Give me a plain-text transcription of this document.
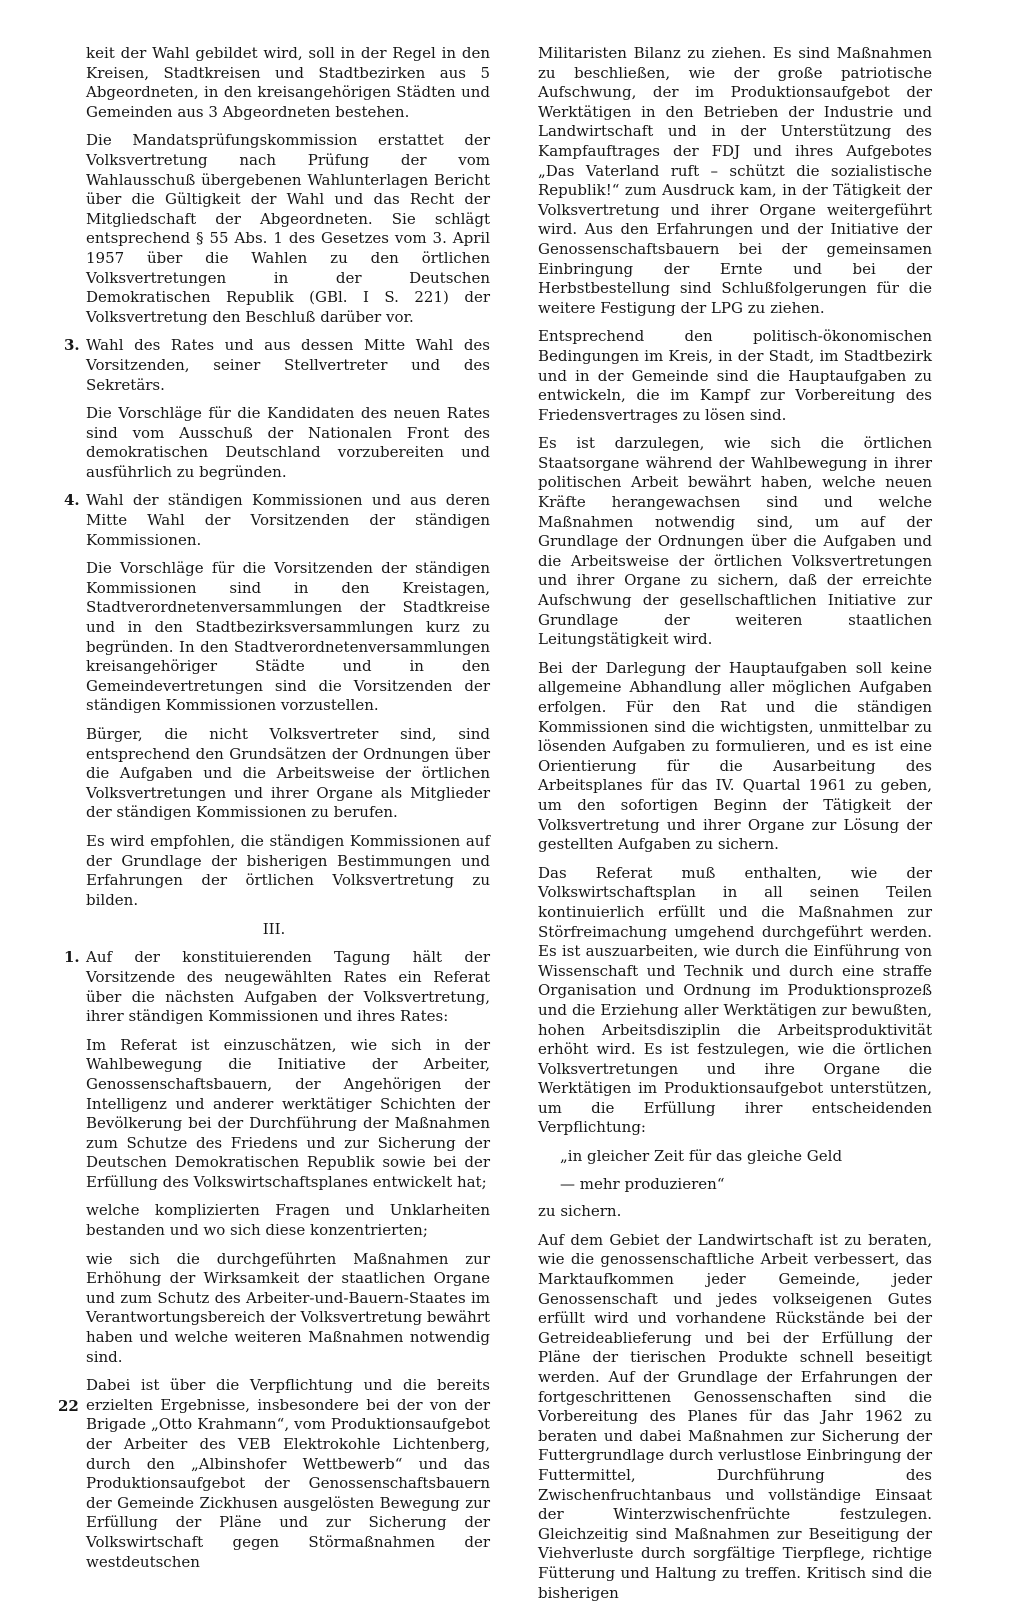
keit der Wahl gebildet wird, soll in der Regel in den Kreisen, Stadtkreisen und Stadtbezirken aus 5 Abgeordneten, in den kreisangehörigen Städten und Gemeinden aus 3 Abgeordneten bestehen.

Die Mandatsprüfungskommission erstattet der Volksvertretung nach Prüfung der vom Wahlausschuß übergebenen Wahlunterlagen Bericht über die Gültigkeit der Wahl und das Recht der Mitgliedschaft der Abgeordneten. Sie schlägt entsprechend § 55 Abs. 1 des Gesetzes vom 3. April 1957 über die Wahlen zu den örtlichen Volksvertretungen in der Deutschen Demokratischen Republik (GBl. I S. 221) der Volksvertretung den Beschluß darüber vor.

3. Wahl des Rates und aus dessen Mitte Wahl des Vorsitzenden, seiner Stellvertreter und des Sekretärs.

Die Vorschläge für die Kandidaten des neuen Rates sind vom Ausschuß der Nationalen Front des demokratischen Deutschland vorzubereiten und ausführlich zu begründen.

4. Wahl der ständigen Kommissionen und aus deren Mitte Wahl der Vorsitzenden der ständigen Kommissionen.

Die Vorschläge für die Vorsitzenden der ständigen Kommissionen sind in den Kreistagen, Stadtverordnetenversammlungen der Stadtkreise und in den Stadtbezirksversammlungen kurz zu begründen. In den Stadtverordnetenversammlungen kreisangehöriger Städte und in den Gemeindevertretungen sind die Vorsitzenden der ständigen Kommissionen vorzustellen.

Bürger, die nicht Volksvertreter sind, sind entsprechend den Grundsätzen der Ordnungen über die Aufgaben und die Arbeitsweise der örtlichen Volksvertretungen und ihrer Organe als Mitglieder der ständigen Kommissionen zu berufen.

Es wird empfohlen, die ständigen Kommissionen auf der Grundlage der bisherigen Bestimmungen und Erfahrungen der örtlichen Volksvertretung zu bilden.

III.

1. Auf der konstituierenden Tagung hält der Vorsitzende des neugewählten Rates ein Referat über die nächsten Aufgaben der Volksvertretung, ihrer ständigen Kommissionen und ihres Rates:

Im Referat ist einzuschätzen, wie sich in der Wahlbewegung die Initiative der Arbeiter, Genossenschaftsbauern, der Angehörigen der Intelligenz und anderer werktätiger Schichten der Bevölkerung bei der Durchführung der Maßnahmen zum Schutze des Friedens und zur Sicherung der Deutschen Demokratischen Republik sowie bei der Erfüllung des Volkswirtschaftsplanes entwickelt hat;

welche komplizierten Fragen und Unklarheiten bestanden und wo sich diese konzentrierten;

wie sich die durchgeführten Maßnahmen zur Erhöhung der Wirksamkeit der staatlichen Organe und zum Schutz des Arbeiter-und-Bauern-Staates im Verantwortungsbereich der Volksvertretung bewährt haben und welche weiteren Maßnahmen notwendig sind.

Dabei ist über die Verpflichtung und die bereits erzielten Ergebnisse, insbesondere bei der von der Brigade „Otto Krahmann“, vom Produktionsaufgebot der Arbeiter des VEB Elektrokohle Lichtenberg, durch den „Albinshofer Wettbewerb“ und das Produktionsaufgebot der Genossenschaftsbauern der Gemeinde Zickhusen ausgelösten Bewegung zur Erfüllung der Pläne und zur Sicherung der Volkswirtschaft gegen Störmaßnahmen der westdeutschen

Militaristen Bilanz zu ziehen. Es sind Maßnahmen zu beschließen, wie der große patriotische Aufschwung, der im Produktionsaufgebot der Werktätigen in den Betrieben der Industrie und Landwirtschaft und in der Unterstützung des Kampfauftrages der FDJ und ihres Aufgebotes „Das Vaterland ruft – schützt die sozialistische Republik!“ zum Ausdruck kam, in der Tätigkeit der Volksvertretung und ihrer Organe weitergeführt wird. Aus den Erfahrungen und der Initiative der Genossenschaftsbauern bei der gemeinsamen Einbringung der Ernte und bei der Herbstbestellung sind Schlußfolgerungen für die weitere Festigung der LPG zu ziehen.

Entsprechend den politisch-ökonomischen Bedingungen im Kreis, in der Stadt, im Stadtbezirk und in der Gemeinde sind die Hauptaufgaben zu entwickeln, die im Kampf zur Vorbereitung des Friedensvertrages zu lösen sind.

Es ist darzulegen, wie sich die örtlichen Staatsorgane während der Wahlbewegung in ihrer politischen Arbeit bewährt haben, welche neuen Kräfte herangewachsen sind und welche Maßnahmen notwendig sind, um auf der Grundlage der Ordnungen über die Aufgaben und die Arbeitsweise der örtlichen Volksvertretungen und ihrer Organe zu sichern, daß der erreichte Aufschwung der gesellschaftlichen Initiative zur Grundlage der weiteren staatlichen Leitungstätigkeit wird.

Bei der Darlegung der Hauptaufgaben soll keine allgemeine Abhandlung aller möglichen Aufgaben erfolgen. Für den Rat und die ständigen Kommissionen sind die wichtigsten, unmittelbar zu lösenden Aufgaben zu formulieren, und es ist eine Orientierung für die Ausarbeitung des Arbeitsplanes für das IV. Quartal 1961 zu geben, um den sofortigen Beginn der Tätigkeit der Volksvertretung und ihrer Organe zur Lösung der gestellten Aufgaben zu sichern.

Das Referat muß enthalten, wie der Volkswirtschaftsplan in all seinen Teilen kontinuierlich erfüllt und die Maßnahmen zur Störfreimachung umgehend durchgeführt werden. Es ist auszuarbeiten, wie durch die Einführung von Wissenschaft und Technik und durch eine straffe Organisation und Ordnung im Produktionsprozeß und die Erziehung aller Werktätigen zur bewußten, hohen Arbeitsdisziplin die Arbeitsproduktivität erhöht wird. Es ist festzulegen, wie die örtlichen Volksvertretungen und ihre Organe die Werktätigen im Produktionsaufgebot unterstützen, um die Erfüllung ihrer entscheidenden Verpflichtung:

„in gleicher Zeit für das gleiche Geld
— mehr produzieren“

zu sichern.

Auf dem Gebiet der Landwirtschaft ist zu beraten, wie die genossenschaftliche Arbeit verbessert, das Marktaufkommen jeder Gemeinde, jeder Genossenschaft und jedes volkseigenen Gutes erfüllt wird und vorhandene Rückstände bei der Getreideablieferung und bei der Erfüllung der Pläne der tierischen Produkte schnell beseitigt werden. Auf der Grundlage der Erfahrungen der fortgeschrittenen Genossenschaften sind die Vorbereitung des Planes für das Jahr 1962 zu beraten und dabei Maßnahmen zur Sicherung der Futtergrundlage durch verlustlose Einbringung der Futtermittel, Durchführung des Zwischenfruchtanbaus und vollständige Einsaat der Winterzwischenfrüchte festzulegen. Gleichzeitig sind Maßnahmen zur Beseitigung der Viehverluste durch sorgfältige Tierpflege, richtige Fütterung und Haltung zu treffen. Kritisch sind die bisherigen

22
